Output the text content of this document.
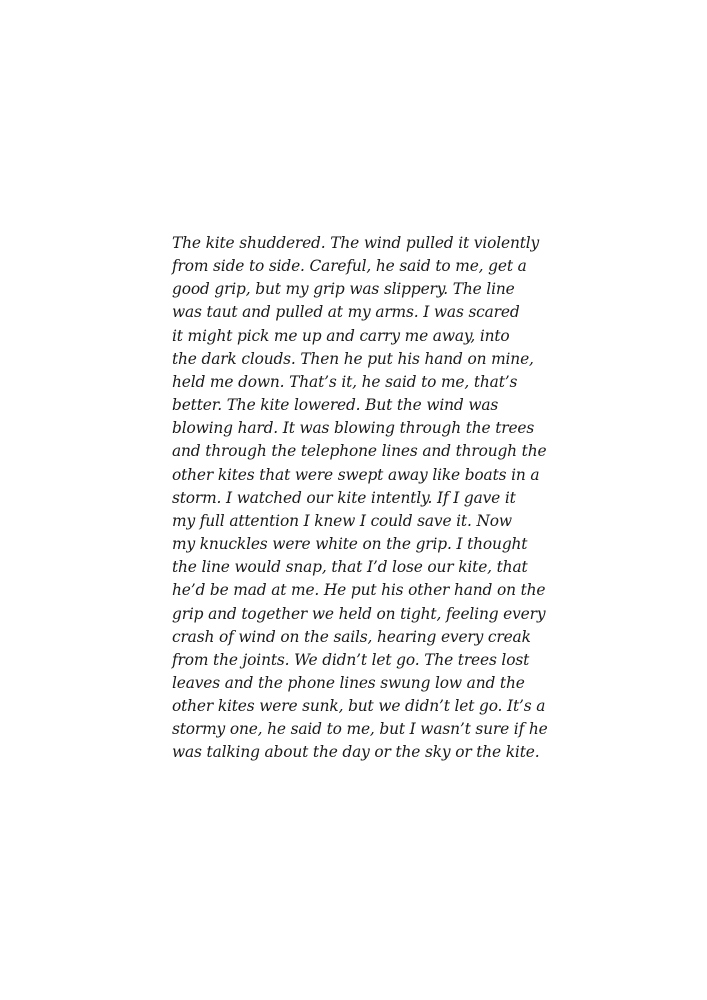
The kite shuddered. The wind pulled it violently
from side to side. Careful, he said to me, get a
good grip, but my grip was slippery. The line
was taut and pulled at my arms. I was scared
it might pick me up and carry me away, into
the dark clouds. Then he put his hand on mine,
held me down. That’s it, he said to me, that’s
better. The kite lowered. But the wind was
blowing hard. It was blowing through the trees
and through the telephone lines and through the
other kites that were swept away like boats in a
storm. I watched our kite intently. If I gave it
my full attention I knew I could save it. Now
my knuckles were white on the grip. I thought
the line would snap, that I’d lose our kite, that
he’d be mad at me. He put his other hand on the
grip and together we held on tight, feeling every
crash of wind on the sails, hearing every creak
from the joints. We didn’t let go. The trees lost
leaves and the phone lines swung low and the
other kites were sunk, but we didn’t let go. It’s a
stormy one, he said to me, but I wasn’t sure if he
was talking about the day or the sky or the kite.
